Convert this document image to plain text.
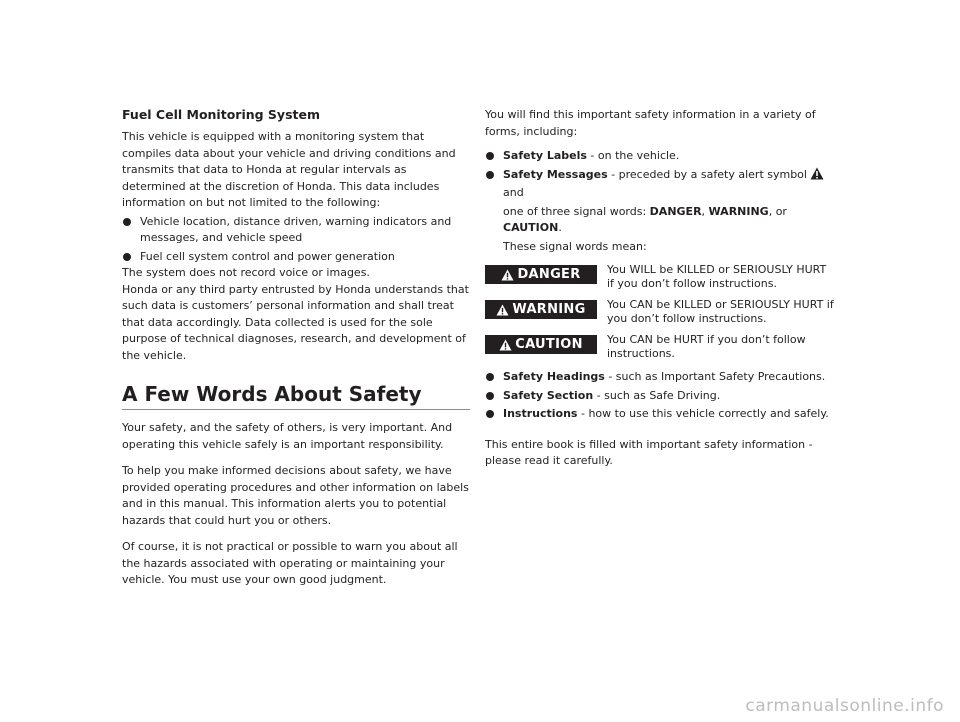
Fuel Cell Monitoring System

This vehicle is equipped with a monitoring system that compiles data about your vehicle and driving conditions and transmits that data to Honda at regular intervals as determined at the discretion of Honda. This data includes information on but not limited to the following:

Vehicle location, distance driven, warning indicators and messages, and vehicle speed
Fuel cell system control and power generation

The system does not record voice or images.

Honda or any third party entrusted by Honda understands that such data is customers’ personal information and shall treat that data accordingly. Data collected is used for the sole purpose of technical diagnoses, research, and development of the vehicle.

A Few Words About Safety

Your safety, and the safety of others, is very important. And operating this vehicle safely is an important responsibility.

To help you make informed decisions about safety, we have provided operating procedures and other information on labels and in this manual. This information alerts you to potential hazards that could hurt you or others.

Of course, it is not practical or possible to warn you about all the hazards associated with operating or maintaining your vehicle. You must use your own good judgment.

You will find this important safety information in a variety of forms, including:

Safety Labels - on the vehicle.
Safety Messages - preceded by a safety alert symbol and
one of three signal words: DANGER, WARNING, or CAUTION.
These signal words mean:
DANGER You WILL be KILLED or SERIOUSLY HURT if you don’t follow instructions.
WARNING You CAN be KILLED or SERIOUSLY HURT if you don’t follow instructions.
CAUTION You CAN be HURT if you don’t follow instructions.
Safety Headings - such as Important Safety Precautions.
Safety Section - such as Safe Driving.
Instructions - how to use this vehicle correctly and safely.

This entire book is filled with important safety information - please read it carefully.

carmanualsonline.info
